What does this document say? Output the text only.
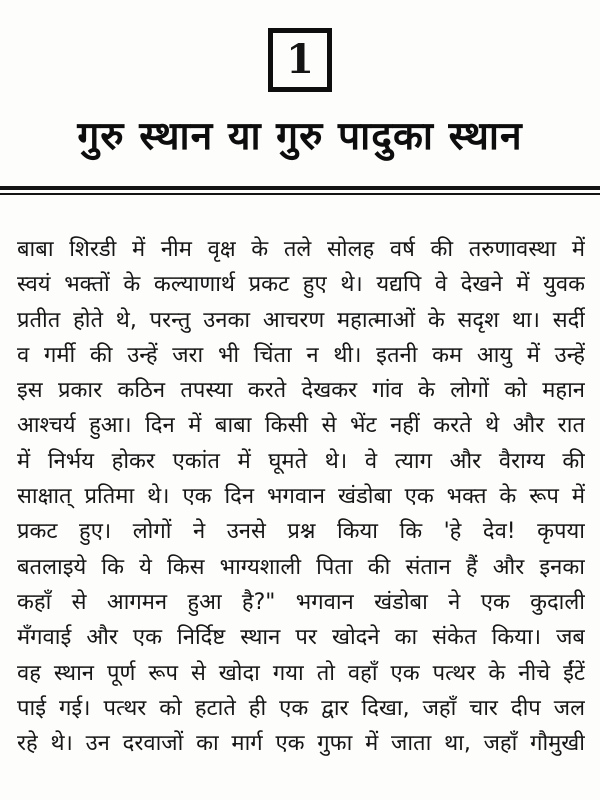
1
गुरु स्थान या गुरु पादुका स्थान
बाबा शिरडी में नीम वृक्ष के तले सोलह वर्ष की तरुणावस्था में
स्वयं भक्तों के कल्याणार्थ प्रकट हुए थे। यद्यपि वे देखने में युवक
प्रतीत होते थे, परन्तु उनका आचरण महात्माओं के सदृश था। सर्दी
व गर्मी की उन्हें जरा भी चिंता न थी। इतनी कम आयु में उन्हें
इस प्रकार कठिन तपस्या करते देखकर गांव के लोगों को महान
आश्चर्य हुआ। दिन में बाबा किसी से भेंट नहीं करते थे और रात
में निर्भय होकर एकांत में घूमते थे। वे त्याग और वैराग्य की
साक्षात् प्रतिमा थे। एक दिन भगवान खंडोबा एक भक्त के रूप में
प्रकट हुए। लोगों ने उनसे प्रश्न किया कि 'हे देव! कृपया
बतलाइये कि ये किस भाग्यशाली पिता की संतान हैं और इनका
कहाँ से आगमन हुआ है?" भगवान खंडोबा ने एक कुदाली
मँगवाई और एक निर्दिष्ट स्थान पर खोदने का संकेत किया। जब
वह स्थान पूर्ण रूप से खोदा गया तो वहाँ एक पत्थर के नीचे ईंटें
पाई गई। पत्थर को हटाते ही एक द्वार दिखा, जहाँ चार दीप जल
रहे थे। उन दरवाजों का मार्ग एक गुफा में जाता था, जहाँ गौमुखी
